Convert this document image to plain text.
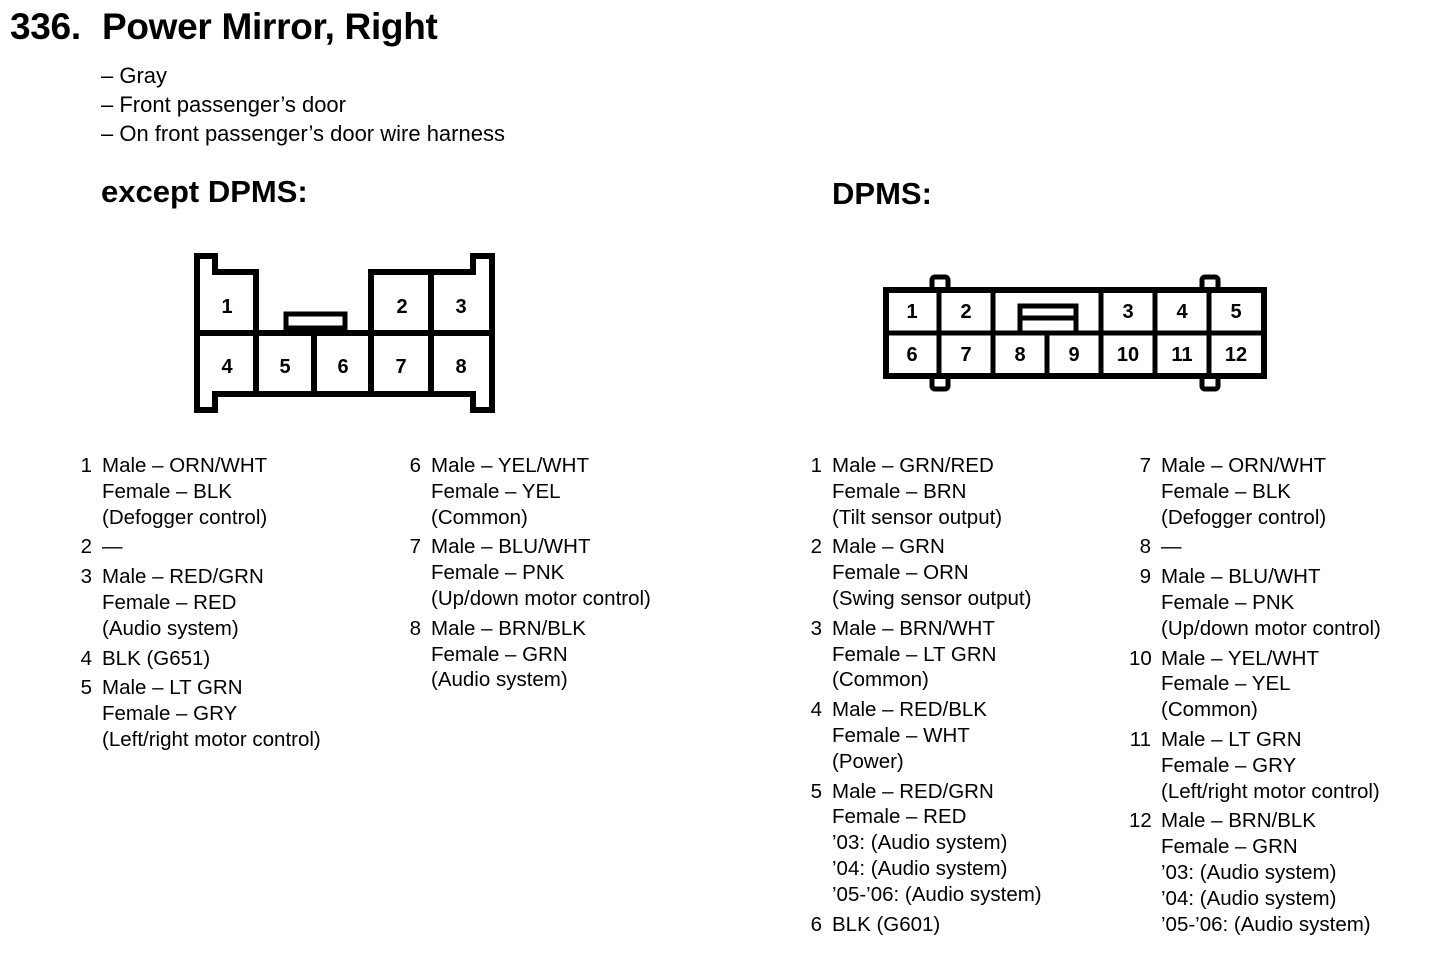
336. Power Mirror, Right
– Gray
– Front passenger’s door
– On front passenger’s door wire harness
except DPMS:	DPMS:
1	2 3
4 5 6 7 8
1 2	3 4 5
6 7 8 9 10 11 12
1 Male – ORN/WHT
Female – BLK
(Defogger control)
2 —
3 Male – RED/GRN
Female – RED
(Audio system)
4 BLK (G651)
5 Male – LT GRN
Female – GRY
(Left/right motor control)
6 Male – YEL/WHT
Female – YEL
(Common)
7 Male – BLU/WHT
Female – PNK
(Up/down motor control)
8 Male – BRN/BLK
Female – GRN
(Audio system)
1 Male – GRN/RED
Female – BRN
(Tilt sensor output)
2 Male – GRN
Female – ORN
(Swing sensor output)
3 Male – BRN/WHT
Female – LT GRN
(Common)
4 Male – RED/BLK
Female – WHT
(Power)
5 Male – RED/GRN
Female – RED
’03: (Audio system)
’04: (Audio system)
’05-’06: (Audio system)
6 BLK (G601)
7 Male – ORN/WHT
Female – BLK
(Defogger control)
8 —
9 Male – BLU/WHT
Female – PNK
(Up/down motor control)
10 Male – YEL/WHT
Female – YEL
(Common)
11 Male – LT GRN
Female – GRY
(Left/right motor control)
12 Male – BRN/BLK
Female – GRN
’03: (Audio system)
’04: (Audio system)
’05-’06: (Audio system)
